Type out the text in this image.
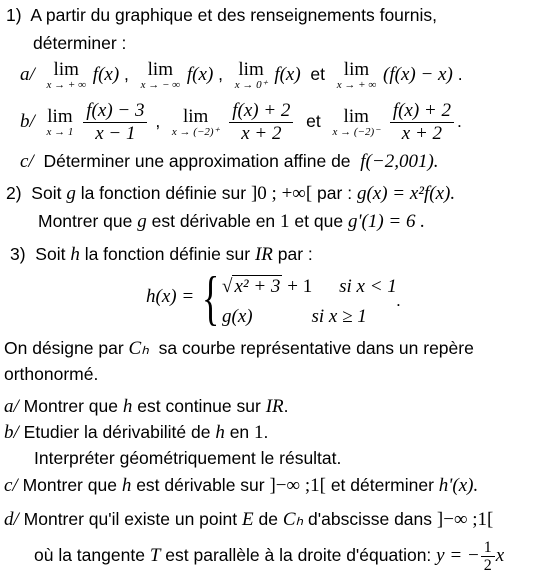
1) A partir du graphique et des renseignements fournis,
déterminer :
a/ lim
x → + ∞ f(x) , lim
x → − ∞ f(x) , lim
x → 0⁺ f(x) et lim
x → + ∞ (f(x) − x) .
b/ lim
x → 1
$\frac{f(x) - 3}{x - 1}$ , lim
x → (−2)⁺
$\frac{f(x) + 2}{x + 2}$ et	lim
x → (−2)⁻
$\frac{f(x) + 2}{x + 2}$ .
c/ Déterminer une approximation affine de f(−2,001).
2) Soit g la fonction définie sur ]0 ; +∞[ par : g(x) = x²f(x).
Montrer que g est dérivable en 1 et que g'(1) = 6 .
3) Soit h la fonction définie sur IR par :
h(x) = { √ x² + 3 + 1 si x < 1
g(x)	si x ≥ 1
.
On désigne par Cₕ sa courbe représentative dans un repère
orthonormé.
a/ Montrer que h est continue sur IR.
b/ Etudier la dérivabilité de h en 1.
Interpréter géométriquement le résultat.
c/ Montrer que h est dérivable sur ]−∞ ;1[ et déterminer h'(x).
d/ Montrer qu'il existe un point E de Cₕ d'abscisse dans ]−∞ ;1[
où la tangente T est parallèle à la droite d'équation: y = − $\frac{1}{2}$ x
